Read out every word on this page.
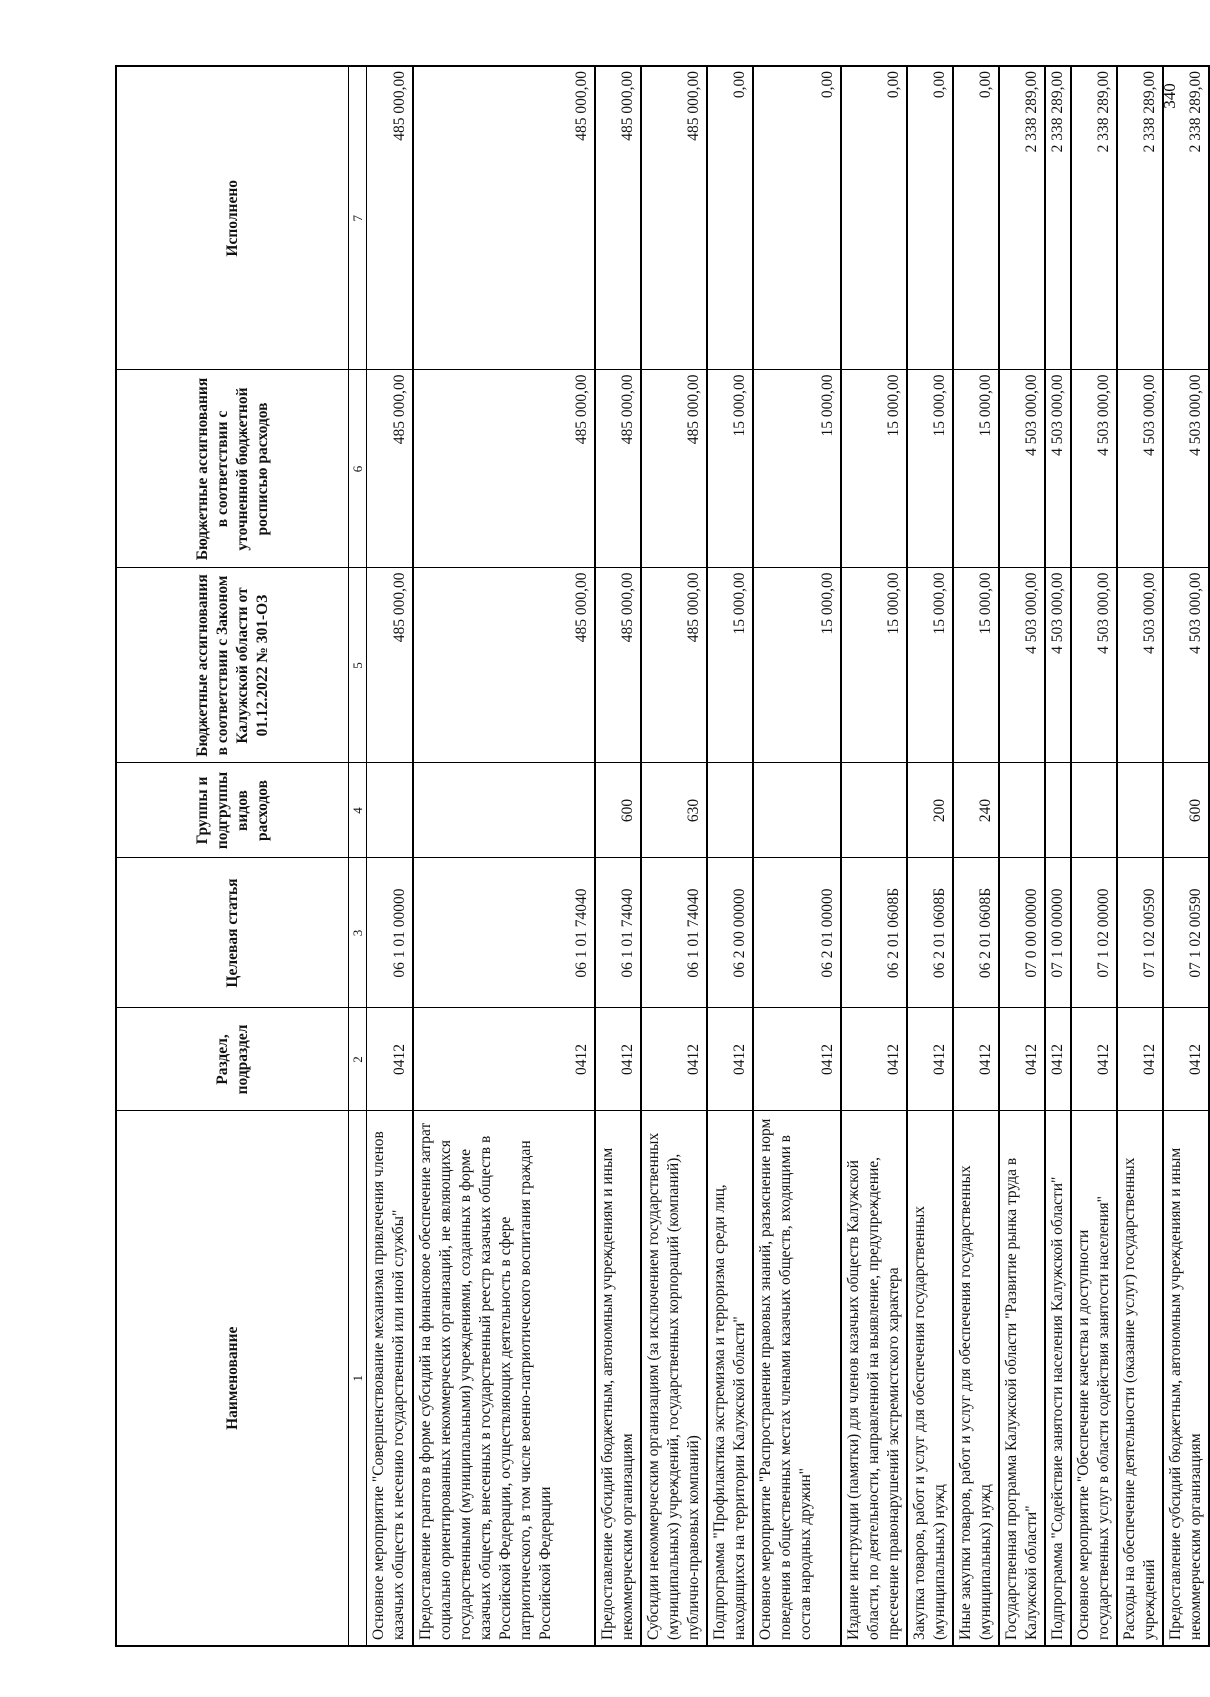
340
Наименование	Раздел, подраздел	Целевая статья	Группы и подгруппы видов расходов	Бюджетные ассигнования в соответствии с Законом Калужской области от 01.12.2022 № 301-ОЗ	Бюджетные ассигнования в соответствии с уточненной бюджетной росписью расходов	Исполнено
1	2	3	4	5	6	7
Основное мероприятие "Совершенствование механизма привлечения членов казачьих обществ к несению государственной или иной службы"	0412	06 1 01 00000		485 000,00	485 000,00	485 000,00
Предоставление грантов в форме субсидий на финансовое обеспечение затрат социально ориентированных некоммерческих организаций, не являющихся государственными (муниципальными) учреждениями, созданных в форме казачьих обществ, внесенных в государственный реестр казачьих обществ в Российской Федерации, осуществляющих деятельность в сфере патриотического, в том числе военно-патриотического воспитания граждан Российской Федерации	0412	06 1 01 74040		485 000,00	485 000,00	485 000,00
Предоставление субсидий бюджетным, автономным учреждениям и иным некоммерческим организациям	0412	06 1 01 74040	600	485 000,00	485 000,00	485 000,00
Субсидии некоммерческим организациям (за исключением государственных (муниципальных) учреждений, государственных корпораций (компаний), публично-правовых компаний)	0412	06 1 01 74040	630	485 000,00	485 000,00	485 000,00
Подпрограмма "Профилактика экстремизма и терроризма среди лиц, находящихся на территории Калужской области"	0412	06 2 00 00000		15 000,00	15 000,00	0,00
Основное мероприятие "Распространение правовых знаний, разъяснение норм поведения в общественных местах членами казачьих обществ, входящими в состав народных дружин"	0412	06 2 01 00000		15 000,00	15 000,00	0,00
Издание инструкции (памятки) для членов казачьих обществ Калужской области, по деятельности, направленной на выявление, предупреждение, пресечение правонарушений экстремистского характера	0412	06 2 01 0608Б		15 000,00	15 000,00	0,00
Закупка товаров, работ и услуг для обеспечения государственных (муниципальных) нужд	0412	06 2 01 0608Б	200	15 000,00	15 000,00	0,00
Иные закупки товаров, работ и услуг для обеспечения государственных (муниципальных) нужд	0412	06 2 01 0608Б	240	15 000,00	15 000,00	0,00
Государственная программа Калужской области "Развитие рынка труда в Калужской области"	0412	07 0 00 00000		4 503 000,00	4 503 000,00	2 338 289,00
Подпрограмма "Содействие занятости населения Калужской области"	0412	07 1 00 00000		4 503 000,00	4 503 000,00	2 338 289,00
Основное мероприятие "Обеспечение качества и доступности государственных услуг в области содействия занятости населения"	0412	07 1 02 00000		4 503 000,00	4 503 000,00	2 338 289,00
Расходы на обеспечение деятельности (оказание услуг) государственных учреждений	0412	07 1 02 00590		4 503 000,00	4 503 000,00	2 338 289,00
Предоставление субсидий бюджетным, автономным учреждениям и иным некоммерческим организациям	0412	07 1 02 00590	600	4 503 000,00	4 503 000,00	2 338 289,00
